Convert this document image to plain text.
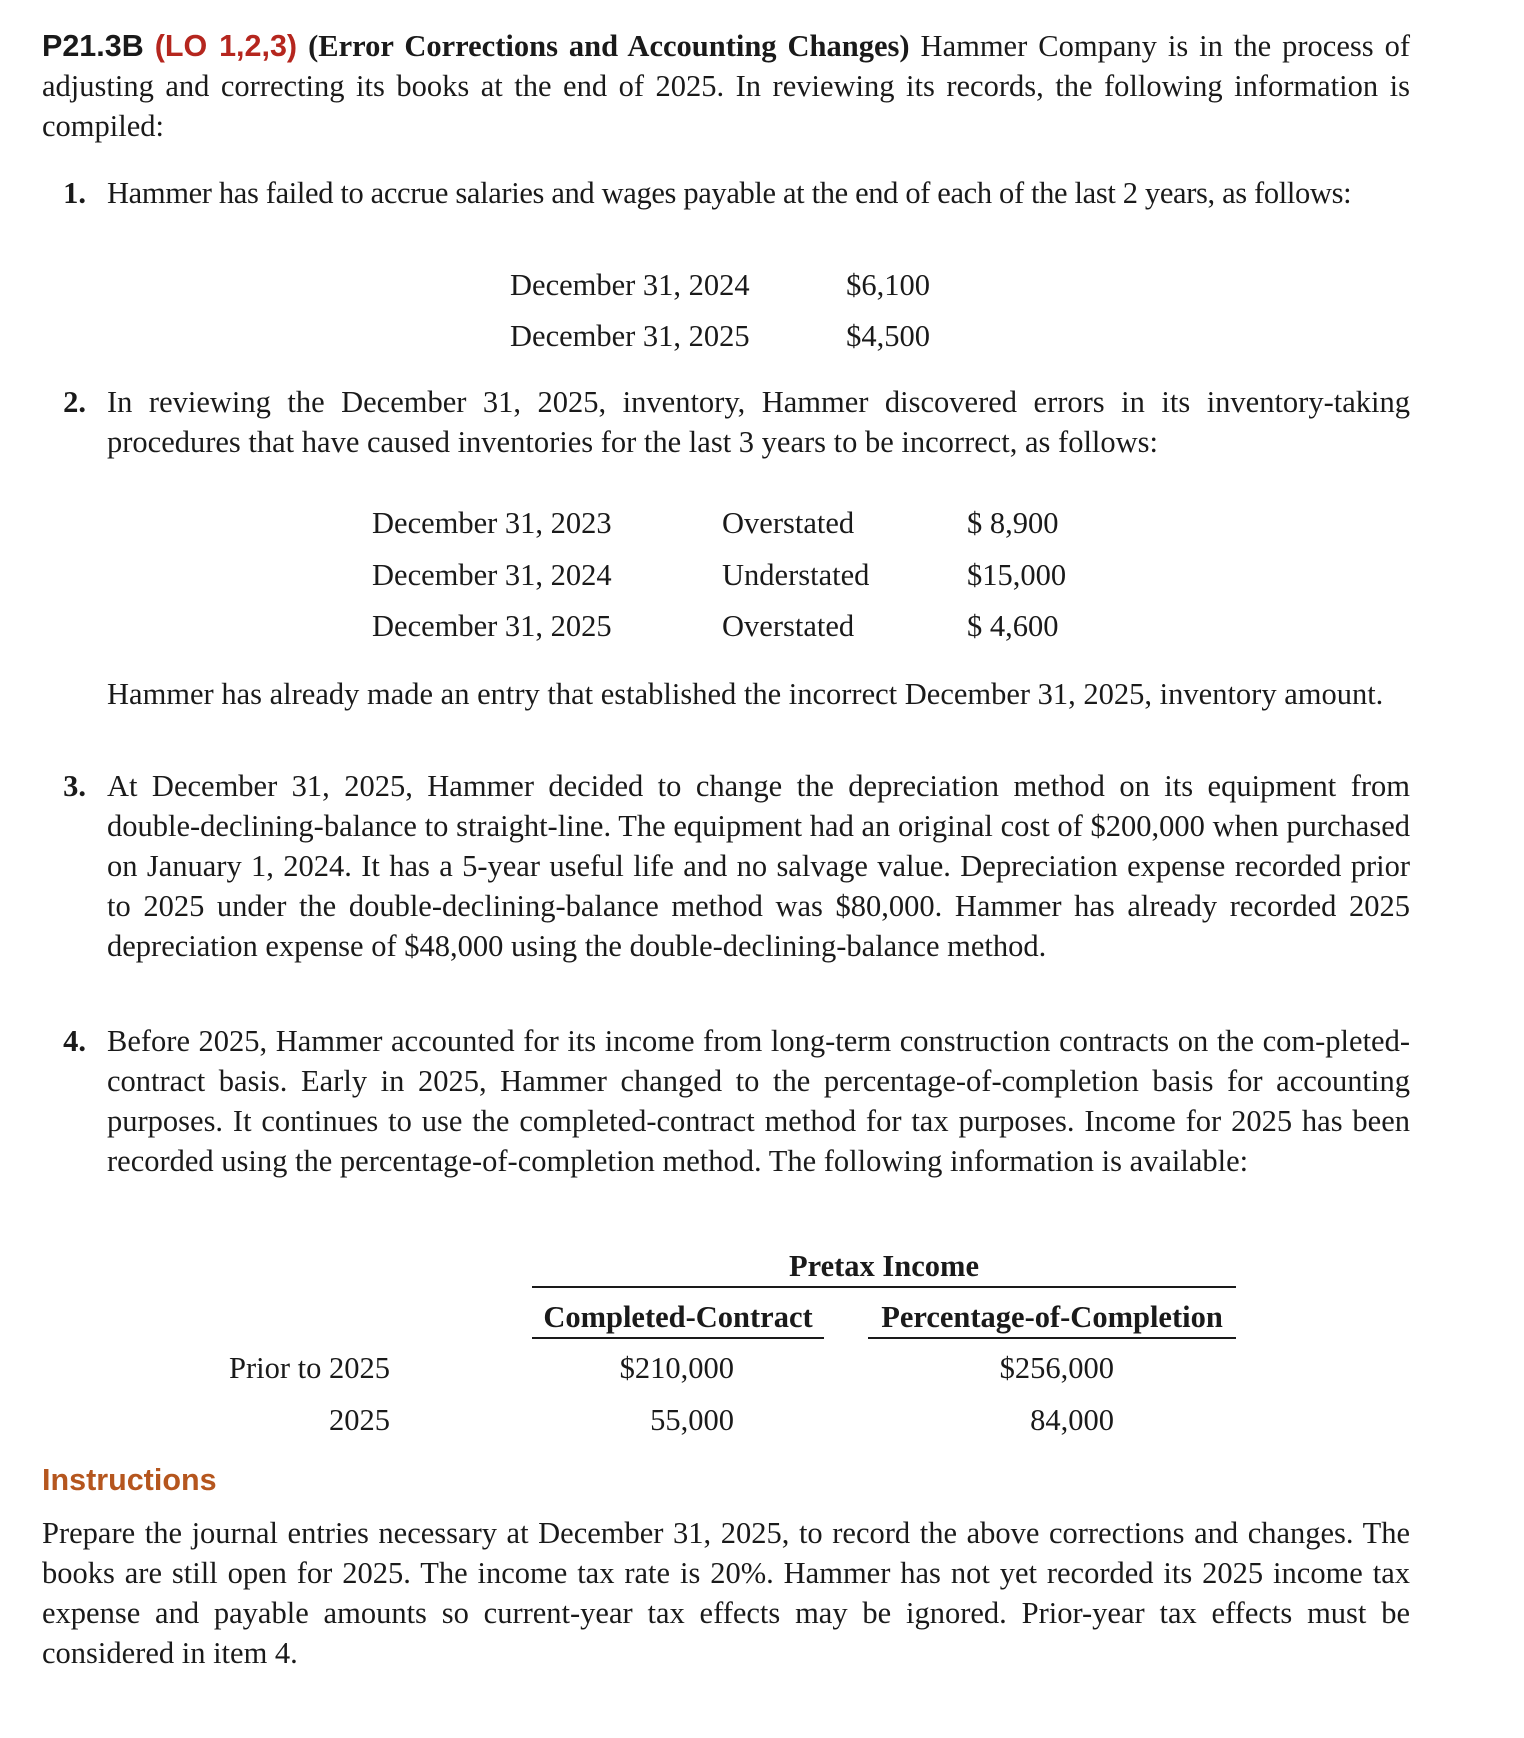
P21.3B (LO 1,2,3) (Error Corrections and Accounting Changes) Hammer Company is in the process of adjusting and correcting its books at the end of 2025. In reviewing its records, the following information is compiled:

1. Hammer has failed to accrue salaries and wages payable at the end of each of the last 2 years, as follows:

December 31, 2024	$6,100
December 31, 2025	$4,500
2. In reviewing the December 31, 2025, inventory, Hammer discovered errors in its inventory-taking procedures that have caused inventories for the last 3 years to be incorrect, as follows:

December 31, 2023	Overstated	$ 8,900
December 31, 2024	Understated	$15,000
December 31, 2025	Overstated	$ 4,600

Hammer has already made an entry that established the incorrect December 31, 2025, inventory amount.

3. At December 31, 2025, Hammer decided to change the depreciation method on its equipment from double-declining-balance to straight-line. The equipment had an original cost of $200,000 when purchased on January 1, 2024. It has a 5-year useful life and no salvage value. Depreciation expense recorded prior to 2025 under the double-declining-balance method was $80,000. Hammer has already recorded 2025 depreciation expense of $48,000 using the double-declining-balance method.

4. Before 2025, Hammer accounted for its income from long-term construction contracts on the com-pleted-contract basis. Early in 2025, Hammer changed to the percentage-of-completion basis for accounting purposes. It continues to use the completed-contract method for tax purposes. Income for 2025 has been recorded using the percentage-of-completion method. The following information is available:

Pretax Income
Completed-Contract	Percentage-of-Completion
Prior to 2025	$210,000	$256,000
2025	55,000	84,000
Instructions

Prepare the journal entries necessary at December 31, 2025, to record the above corrections and changes. The books are still open for 2025. The income tax rate is 20%. Hammer has not yet recorded its 2025 income tax expense and payable amounts so current-year tax effects may be ignored. Prior-year tax effects must be considered in item 4.
